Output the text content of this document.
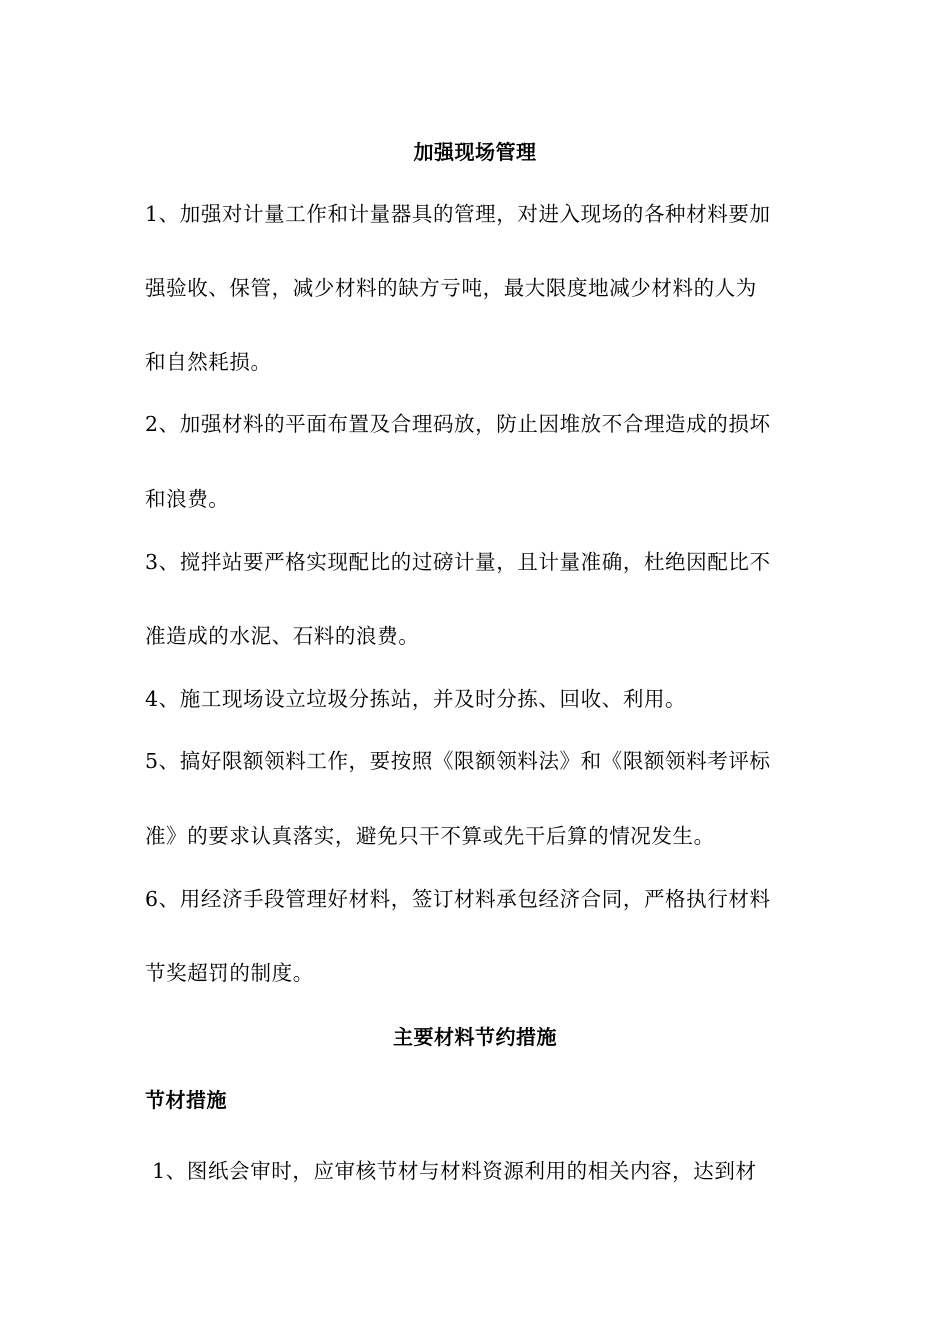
加强现场管理
1、加强对计量工作和计量器具的管理，对进入现场的各种材料要加
强验收、保管，减少材料的缺方亏吨，最大限度地减少材料的人为
和自然耗损。
2、加强材料的平面布置及合理码放，防止因堆放不合理造成的损坏
和浪费。
3、搅拌站要严格实现配比的过磅计量，且计量准确，杜绝因配比不
准造成的水泥、石料的浪费。
4、施工现场设立垃圾分拣站，并及时分拣、回收、利用。
5、搞好限额领料工作，要按照《限额领料法》和《限额领料考评标
准》的要求认真落实，避免只干不算或先干后算的情况发生。
6、用经济手段管理好材料，签订材料承包经济合同，严格执行材料
节奖超罚的制度。
主要材料节约措施
节材措施
1、图纸会审时，应审核节材与材料资源利用的相关内容，达到材
